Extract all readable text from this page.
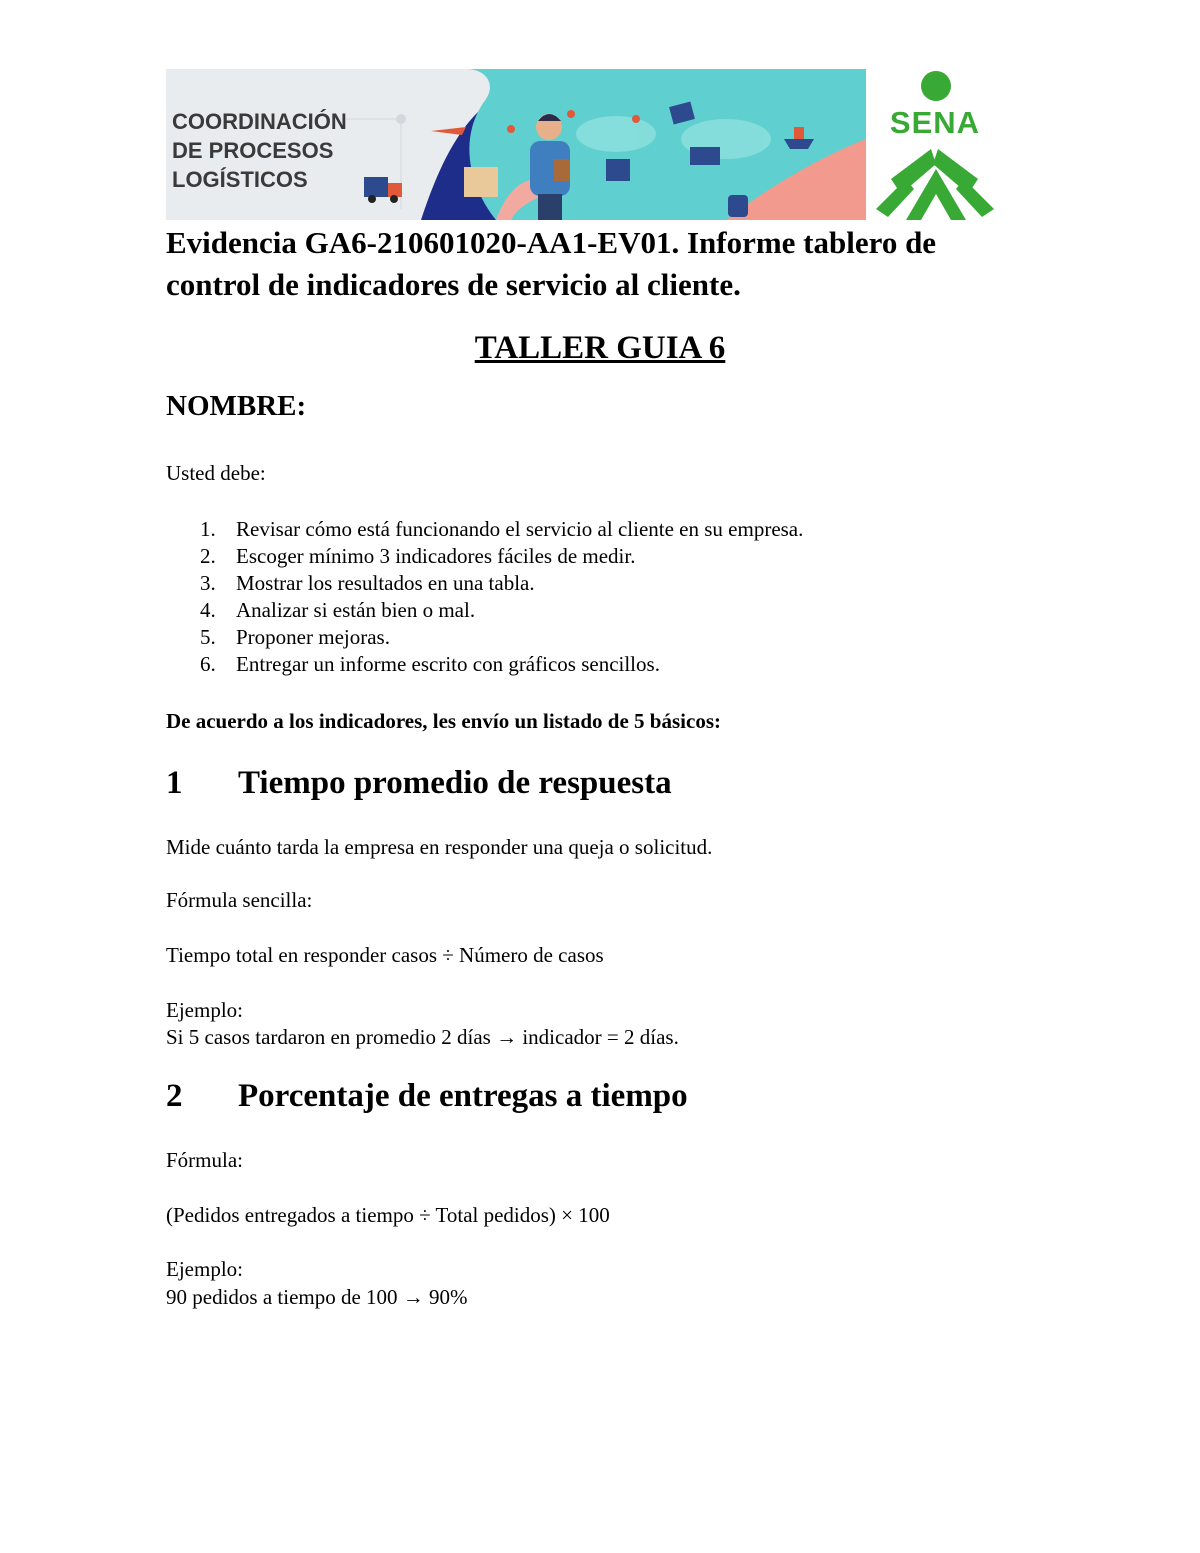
COORDINACIÓN
DE PROCESOS
LOGÍSTICOS
SENA
Evidencia GA6-210601020-AA1-EV01. Informe tablero de control de indicadores de servicio al cliente.
TALLER GUIA 6
NOMBRE:
Usted debe:
1. Revisar cómo está funcionando el servicio al cliente en su empresa.
2. Escoger mínimo 3 indicadores fáciles de medir.
3. Mostrar los resultados en una tabla.
4. Analizar si están bien o mal.
5. Proponer mejoras.
6. Entregar un informe escrito con gráficos sencillos.
De acuerdo a los indicadores, les envío un listado de 5 básicos:
1 Tiempo promedio de respuesta
Mide cuánto tarda la empresa en responder una queja o solicitud.
Fórmula sencilla:
Tiempo total en responder casos ÷ Número de casos
Ejemplo:
Si 5 casos tardaron en promedio 2 días → indicador = 2 días.
2 Porcentaje de entregas a tiempo
Fórmula:
(Pedidos entregados a tiempo ÷ Total pedidos) × 100
Ejemplo:
90 pedidos a tiempo de 100 → 90%
